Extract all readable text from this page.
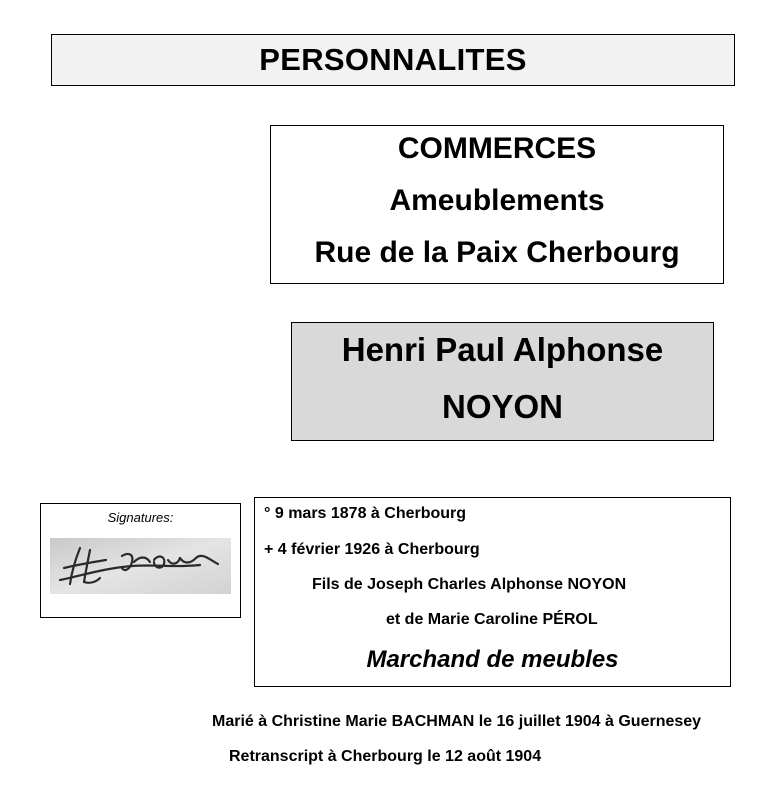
PERSONNALITES
COMMERCES
Ameublements
Rue de la Paix Cherbourg
Henri Paul Alphonse
NOYON
Signatures:	° 9 mars 1878 à Cherbourg
+ 4 février 1926 à Cherbourg
Fils de Joseph Charles Alphonse NOYON
et de Marie Caroline PÉROL
Marchand de meubles
Marié à Christine Marie BACHMAN le 16 juillet 1904 à Guernesey
Retranscript à Cherbourg le 12 août 1904
